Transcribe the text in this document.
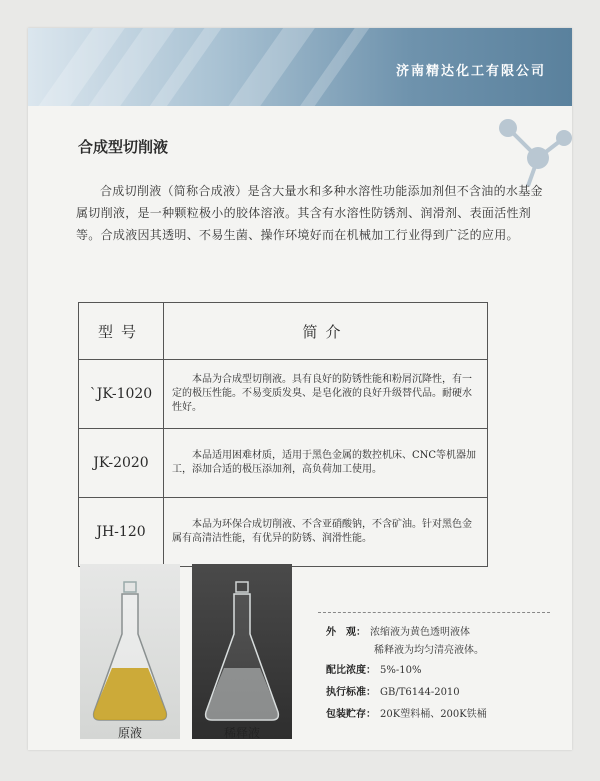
济南精达化工有限公司
合成型切削液
合成切削液（简称合成液）是含大量水和多种水溶性功能添加剂但不含油的水基金属切削液，是一种颗粒极小的胶体溶液。其含有水溶性防锈剂、润滑剂、表面活性剂等。合成液因其透明、不易生菌、操作环境好而在机械加工行业得到广泛的应用。
型号	简介
`JK-1020	本品为合成型切削液。具有良好的防锈性能和粉屑沉降性，有一定的极压性能。不易变质发臭、是皂化液的良好升级替代品。耐硬水性好。
JK-2020	本品适用困难材质，适用于黑色金属的数控机床、CNC等机器加工，添加合适的极压添加剂，高负荷加工使用。
JH-120	本品为环保合成切削液、不含亚硝酸钠，不含矿油。针对黑色金属有高清洁性能，有优异的防锈、润滑性能。
原液	稀释液
外　观： 浓缩液为黄色透明液体
稀释液为均匀清亮液体。
配比浓度： 5%-10%
执行标准： GB/T6144-2010
包装贮存： 20K塑料桶、200K铁桶
